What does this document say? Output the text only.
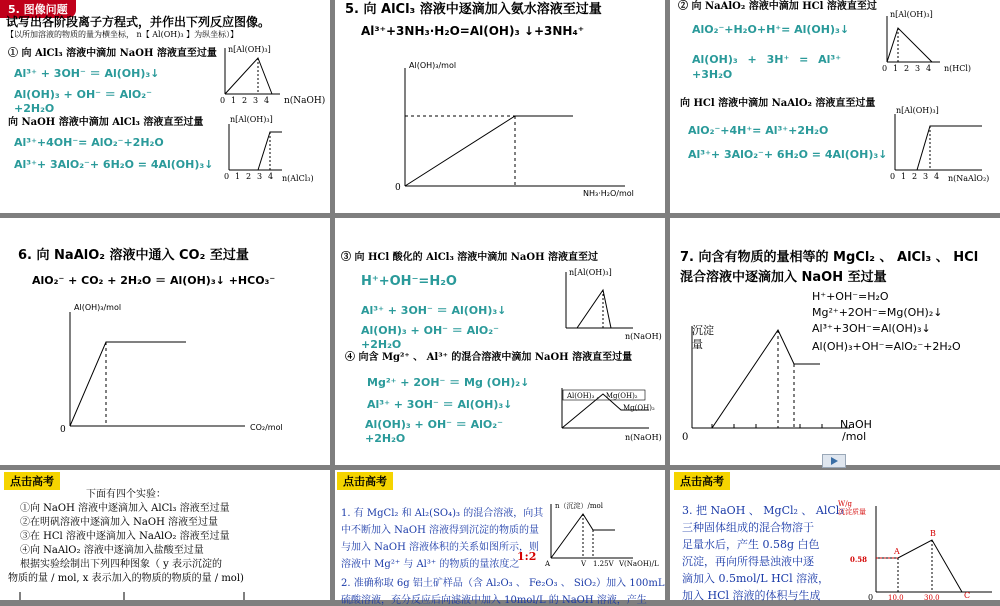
5. 图像问题
试写出各阶段离子方程式，并作出下列反应图像。
【以所加溶液的物质的量为横坐标， n【 Al(OH)₃ 】为纵坐标）】
① 向 AlCl₃ 溶液中滴加 NaOH 溶液直至过量
Al³⁺ + 3OH⁻ ＝ Al(OH)₃↓
Al(OH)₃ + OH⁻ ＝ AlO₂⁻ +2H₂O
向 NaOH 溶液中滴加 AlCl₃ 溶液直至过量
Al³⁺+4OH⁻= AlO₂⁻+2H₂O
Al³⁺+ 3AlO₂⁻+ 6H₂O = 4Al(OH)₃↓
n[Al(OH)₃]
0 1 2 3 4 n(NaOH)
n[Al(OH)₃]
0 1 2 3 4 n(AlCl₃)
5. 向 AlCl₃ 溶液中逐滴加入氨水溶液至过量
Al³⁺+3NH₃·H₂O=Al(OH)₃ ↓+3NH₄⁺
Al(OH)₃/mol
0
NH₃·H₂O/mol
② 向 NaAlO₂ 溶液中滴加 HCl 溶液直至过
AlO₂⁻+H₂O+H⁺= Al(OH)₃↓
Al(OH)₃ + 3H⁺ = Al³⁺ +3H₂O
向 HCl 溶液中滴加 NaAlO₂ 溶液直至过量
AlO₂⁻+4H⁺= Al³⁺+2H₂O
Al³⁺+ 3AlO₂⁻+ 6H₂O = 4Al(OH)₃↓
n[Al(OH)₃]
0 1 2 3 4 n(HCl)
n[Al(OH)₃]
0 1 2 3 4 n(NaAlO₂)
6. 向 NaAlO₂ 溶液中通入 CO₂ 至过量
AlO₂⁻ + CO₂ + 2H₂O ＝ Al(OH)₃↓ +HCO₃⁻
Al(OH)₃/mol
0	CO₂/mol
③ 向 HCl 酸化的 AlCl₃ 溶液中滴加 NaOH 溶液直至过
H⁺+OH⁻=H₂O
Al³⁺ + 3OH⁻ ＝ Al(OH)₃↓
Al(OH)₃ + OH⁻ ＝ AlO₂⁻ +2H₂O
④ 向含 Mg²⁺ 、 Al³⁺ 的混合溶液中滴加 NaOH 溶液直至过量
Mg²⁺ + 2OH⁻ ＝ Mg (OH)₂↓
Al³⁺ + 3OH⁻ ＝ Al(OH)₃↓
Al(OH)₃ + OH⁻ ＝ AlO₂⁻ +2H₂O
n[Al(OH)₃]
n(NaOH)
Al(OH)₃ 、 Mg(OH)₂
Mg(OH)₂
n(NaOH)
7. 向含有物质的量相等的 MgCl₂ 、 AlCl₃ 、 HCl
混合溶液中逐滴加入 NaOH 至过量
H⁺+OH⁻=H₂O
Mg²⁺+2OH⁻=Mg(OH)₂↓
Al³⁺+3OH⁻=Al(OH)₃↓
Al(OH)₃+OH⁻=AlO₂⁻+2H₂O
0
NaOH
/mol
沉淀
量
点击高考
下面有四个实验：
①向 NaOH 溶液中逐滴加入 AlCl₃ 溶液至过量
②在明矾溶液中逐滴加入 NaOH 溶液至过量
③在 HCl 溶液中逐滴加入 NaAlO₂ 溶液至过量
④向 NaAlO₂ 溶液中逐滴加入盐酸至过量
根据实验绘制出下列四种图象（ y 表示沉淀的
物质的量 / mol, x 表示加入的物质的物质的量 / mol)
点击高考
1. 有 MgCl₂ 和 Al₂(SO₄)₃ 的混合溶液，向其
中不断加入 NaOH 溶液得到沉淀的物质的量
与加入 NaOH 溶液体积的关系如图所示，则
溶液中 Mg²⁺ 与 Al³⁺ 的物质的量浓度之
1:2
2. 准确称取 6g 铝土矿样品（含 Al₂O₃ 、 Fe₂O₃ 、 SiO₂）加入 100mL
硫酸溶液，充分反应后向滤液中加入 10mol/L 的 NaOH 溶液，产生
n（沉淀）/mol
A	V 1.25V V(NaOH)/L
点击高考
3. 把 NaOH 、 MgCl₂ 、 AlCl₃
三种固体组成的混合物溶于
足量水后，产生 0.58g 白色
沉淀，再向所得悬浊液中逐
滴加入 0.5mol/L HCl 溶液，
加入 HCl 溶液的体积与生成
W/g
沉淀质量
0.58
A
B
C
0 10.0	30.0
